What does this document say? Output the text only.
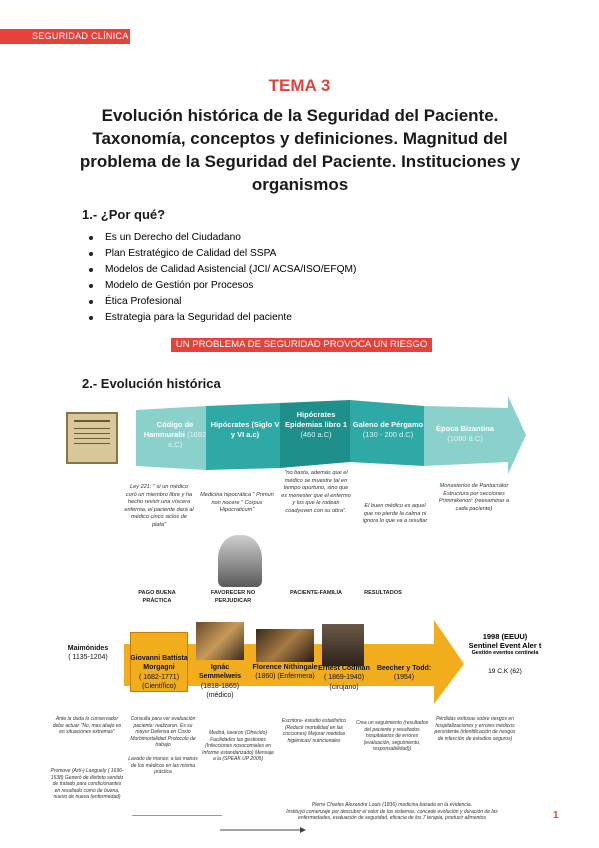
SEGURIDAD CLÍNICA
TEMA 3
Evolución histórica de la Seguridad del Paciente.
Taxonomía, conceptos y definiciones. Magnitud del
problema de la Seguridad del Paciente. Instituciones y
organismos
1.- ¿Por qué?
Es un Derecho del Ciudadano
Plan Estratégico de Calidad del SSPA
Modelos de Calidad Asistencial (JCI/ ACSA/ISO/EFQM)
Modelo de Gestión por Procesos
Ética Profesional
Estrategia para la Seguridad del paciente
UN PROBLEMA DE SEGURIDAD PROVOCA UN RIESGO
2.- Evolución histórica
Código de Hammurabi (1692 a.C)
Hipócrates (Siglo V y VI a.c)
Hipócrates Epidemias libro 1
(460 a.C)
Galeno de Pérgamo
(130 - 200 d.C)
Época Bizantina
(1080 d.C)
Ley 221: " si un médico curó un miembro libre y ha hecho revivir una víscera enferma, el paciente dará al médico cinco siclos de plata"
Medicina hipocrática " Primun non nocere " Corpus Hipocraticum"
"no basta, además que el médico se muestre tal en tiempo oportuno, sino que es menester que el enfermo y los que le rodean coadyuven con su obra".
El buen médico es aquel que no pierde la calma ni ignora lo que va a resultar
Monasterios de Pantocrátor Estructura por secciones Primmikeriori: (reexaminar a cada paciente)
PAGO BUENA PRÁCTICA
FAVORECER NO PERJUDICAR
PACIENTE-FAMILIA	RESULTADOS
Maimónides
( 1135-1204)	Giovanni Battista Morgagni
( 1682-1771)
(Científico)
Ignác Semmelweis
(1818-1865)
(médico)
Florence Nithingale
(1860) (Enfermera)
Ernest Codman
( 1869-1940)
(cirujano)
Beecher y Todd:
(1954)
1998 (EEUU)
Sentinel Event Aler t
Gestión eventos centinela
19 C.K (62)
Ante la duda lo conservador debe actuar "No, mas abajo es en situaciones extremas"
Promove (Artí-) Languely ( 1696-1538) Generó de distinto sentido de tratado para condicionantes en resultado como de buena, nuevo de nueva (enfermedad)
Consulta para ver evaluación paciente: realizaron. Es su mayor Defensa en Costo Morbimortalidad Protocolo de trabajo
Lavado de manos: a las manos de los médicos en las misma práctica
Medirá, lavaron (Ofrecido) Facilidades las gestiones (Infecciones nosocomiales en Informe estandarizado) Mensaje a la (SPEAK UP 2005)
Escritora- estudio estadístico (Reducir mortalidad en las cocciones) Mejorar medidas higiénicas/ nutricionales
Crea un seguimiento (resultados del paciente y resultados hospitalarios de errores (evaluación, seguimiento, responsabilidad))
Pérdidas exitosas sobre riesgos en hospitalizaciones y errores médicos persistente (identificación de riesgos de infección de estudios seguros)
Pierre Charles Alexandre Louis (1836) medicina basada en la evidencia.
Instituyó comenzaje por descubrir el valor de los sistemas, concede evolución y duración de las
enfermedades, evaluación de seguridad, eficacia de los 7 terapia, producir alimentos	1
